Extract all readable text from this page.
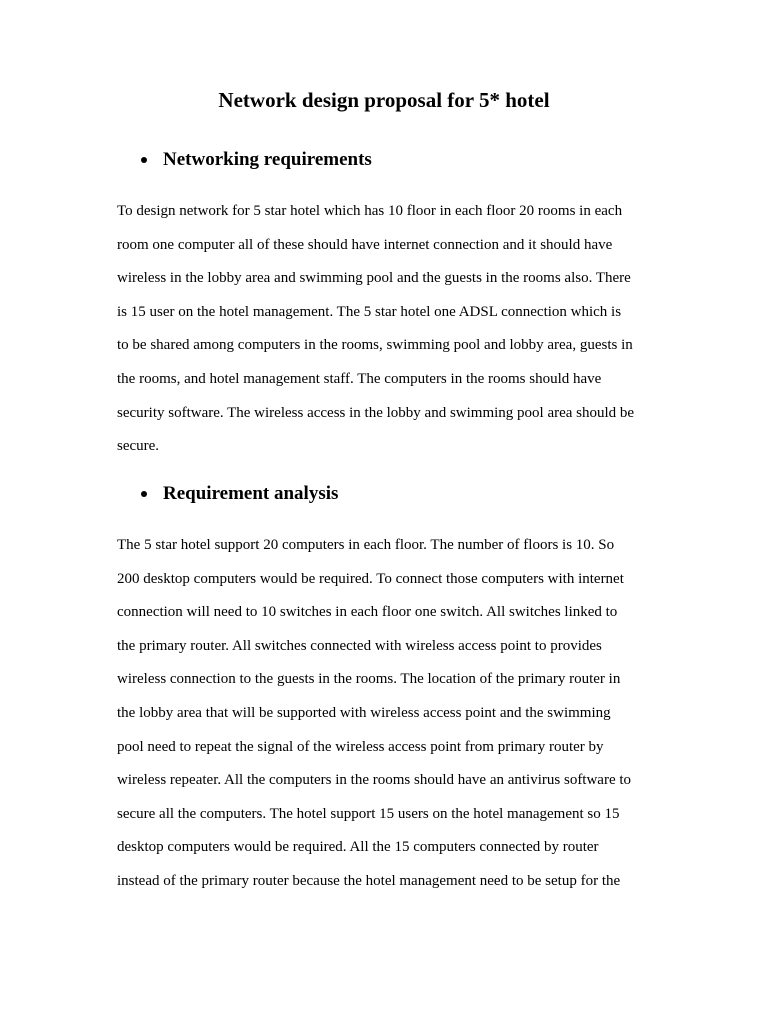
Network design proposal for 5* hotel
Networking requirements

To design network for 5 star hotel which has 10 floor in each floor 20 rooms in each
room one computer all of these should have internet connection and it should have
wireless in the lobby area and swimming pool and the guests in the rooms also. There
is 15 user on the hotel management. The 5 star hotel one ADSL connection which is
to be shared among computers in the rooms, swimming pool and lobby area, guests in
the rooms, and hotel management staff. The computers in the rooms should have
security software. The wireless access in the lobby and swimming pool area should be
secure.

Requirement analysis

The 5 star hotel support 20 computers in each floor. The number of floors is 10. So
200 desktop computers would be required. To connect those computers with internet
connection will need to 10 switches in each floor one switch. All switches linked to
the primary router. All switches connected with wireless access point to provides
wireless connection to the guests in the rooms. The location of the primary router in
the lobby area that will be supported with wireless access point and the swimming
pool need to repeat the signal of the wireless access point from primary router by
wireless repeater. All the computers in the rooms should have an antivirus software to
secure all the computers. The hotel support 15 users on the hotel management so 15
desktop computers would be required. All the 15 computers connected by router
instead of the primary router because the hotel management need to be setup for the
